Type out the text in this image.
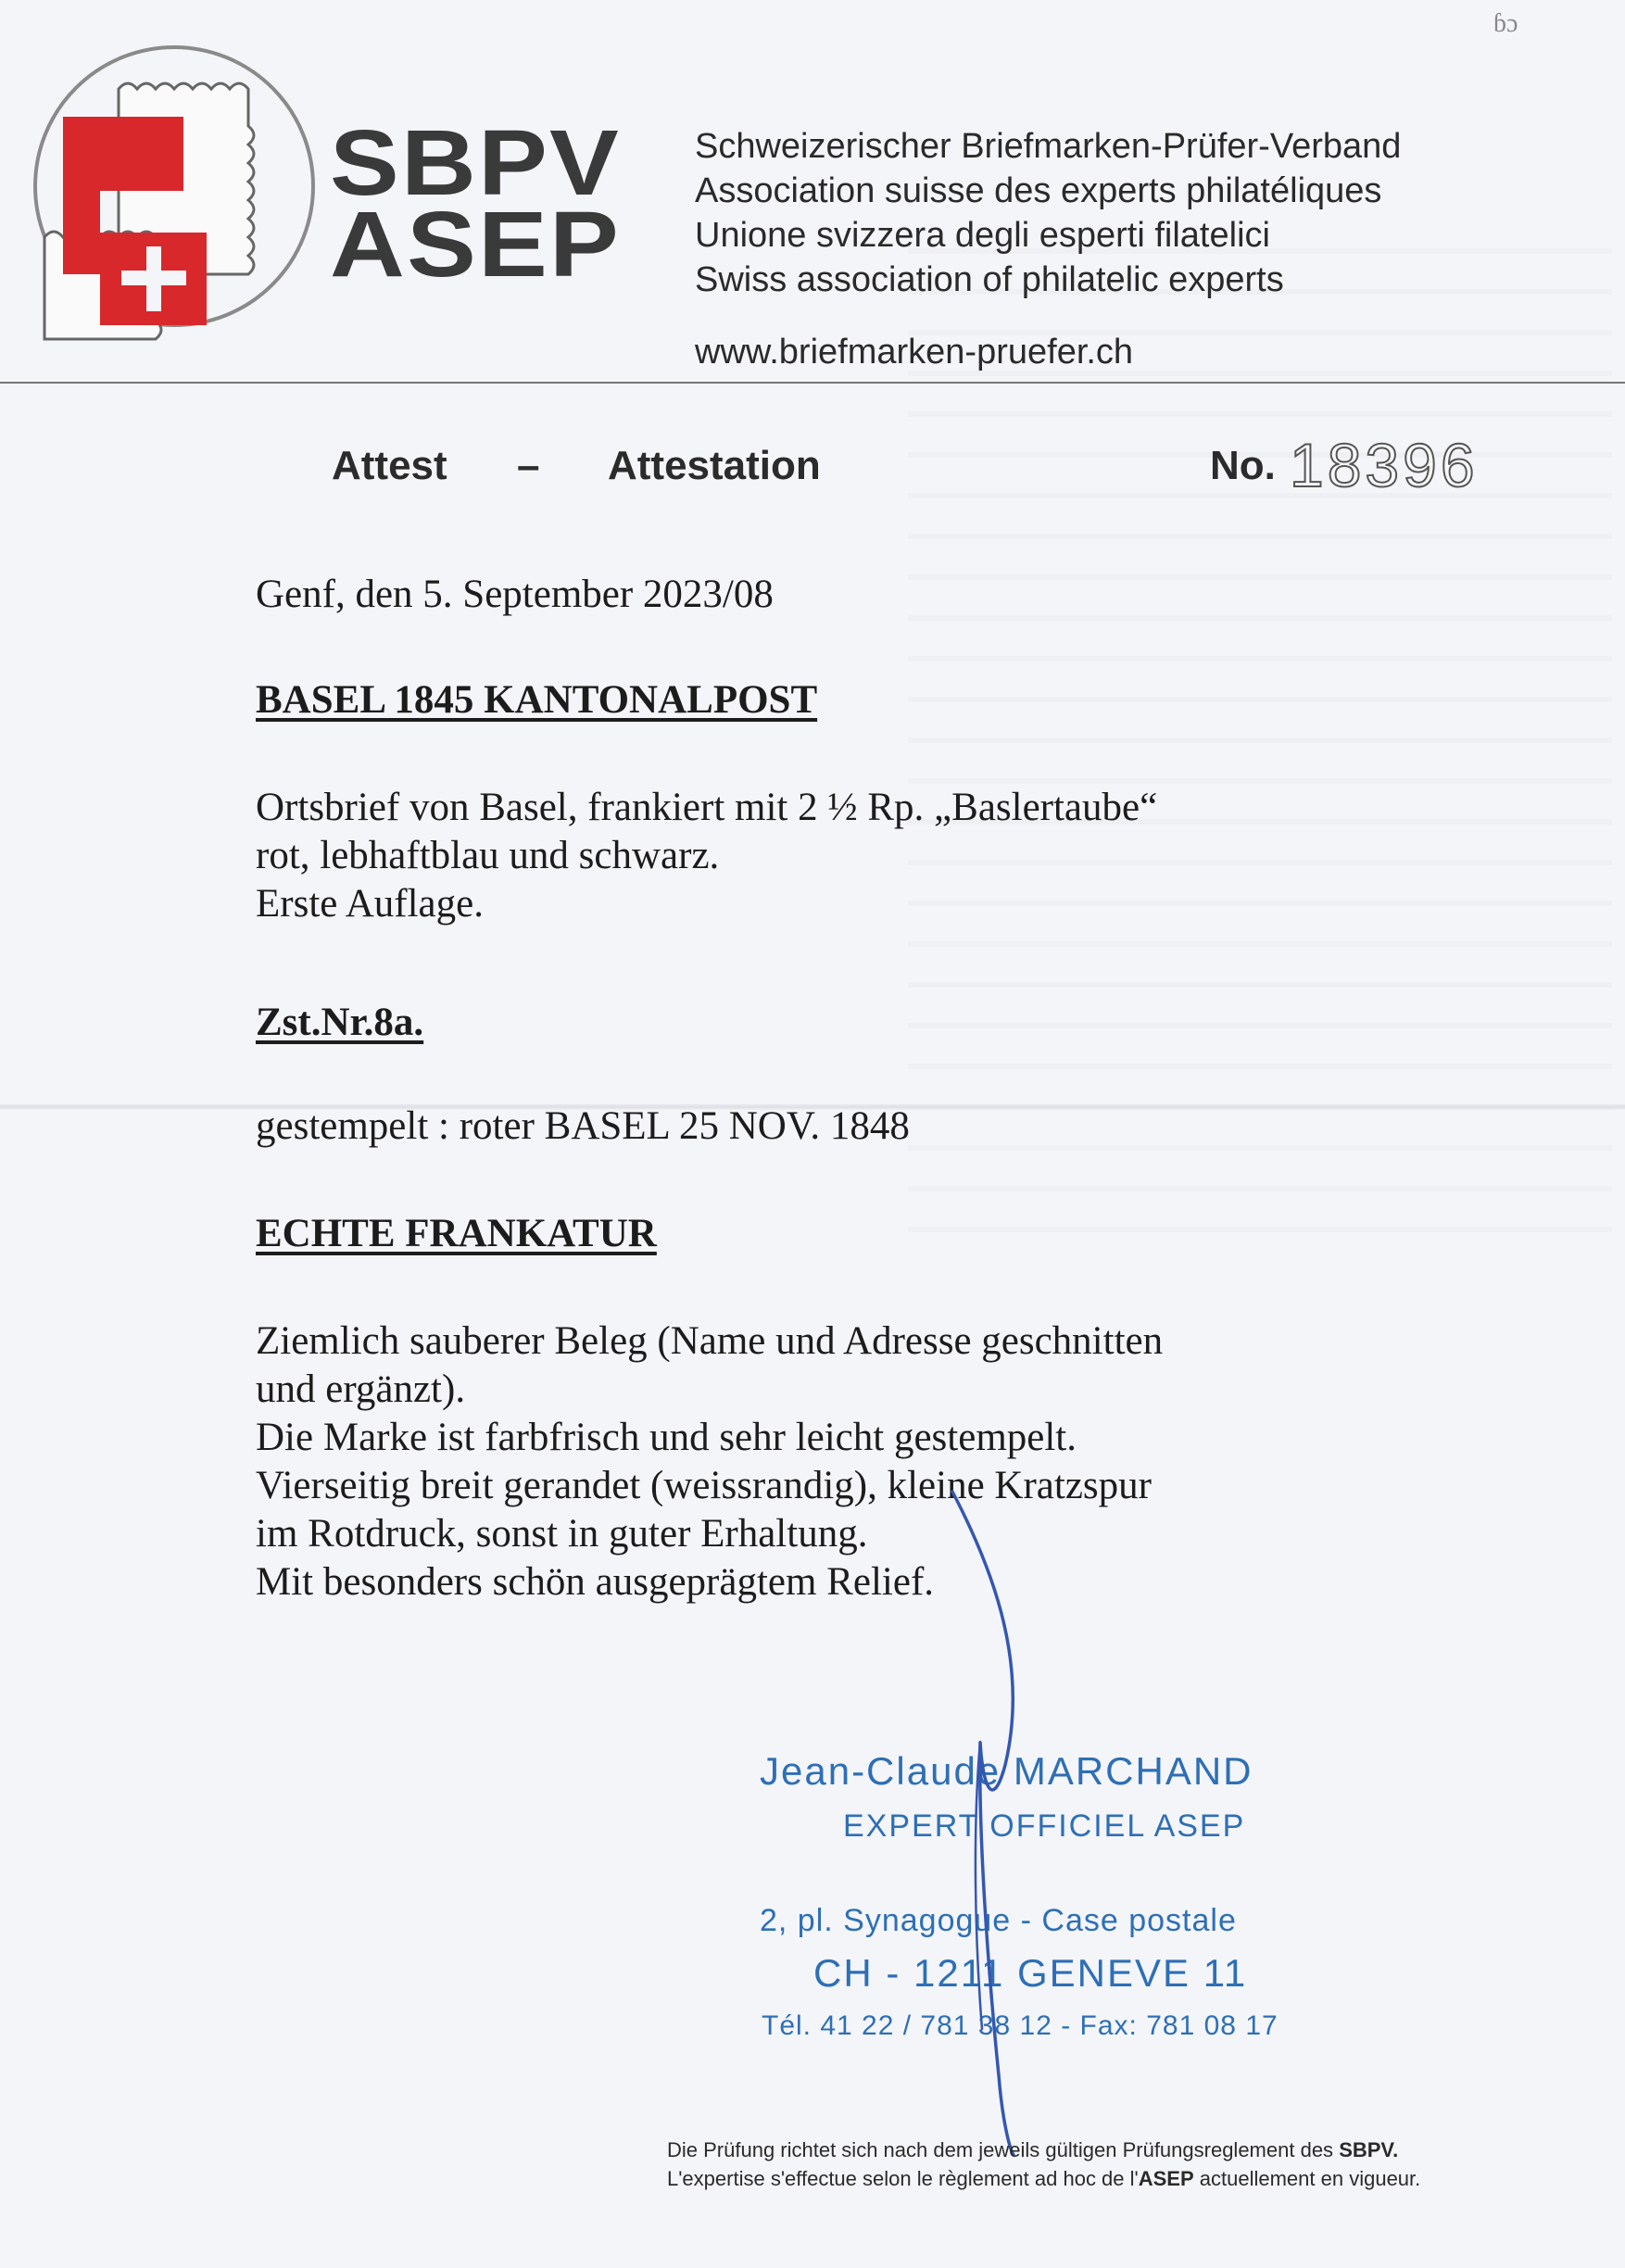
ɓɔ
SBPV
ASEP
Schweizerischer Briefmarken-Prüfer-Verband
Association suisse des experts philatéliques
Unione svizzera degli esperti filatelici
Swiss association of philatelic experts
www.briefmarken-pruefer.ch
Attest – Attestation	No. 18396
Genf, den 5. September 2023/08
BASEL 1845 KANTONALPOST
Ortsbrief von Basel, frankiert mit 2 ½ Rp. „Baslertaube“
rot, lebhaftblau und schwarz.
Erste Auflage.
Zst.Nr.8a.
gestempelt : roter BASEL 25 NOV. 1848
ECHTE FRANKATUR
Ziemlich sauberer Beleg (Name und Adresse geschnitten
und ergänzt).
Die Marke ist farbfrisch und sehr leicht gestempelt.
Vierseitig breit gerandet (weissrandig), kleine Kratzspur
im Rotdruck, sonst in guter Erhaltung.
Mit besonders schön ausgeprägtem Relief.
Jean-Claude MARCHAND
EXPERT OFFICIEL ASEP
2, pl. Synagogue - Case postale
CH - 1211 GENEVE 11
Tél. 41 22 / 781 38 12 - Fax: 781 08 17
Die Prüfung richtet sich nach dem jeweils gültigen Prüfungsreglement des SBPV.
L'expertise s'effectue selon le règlement ad hoc de l'ASEP actuellement en vigueur.
